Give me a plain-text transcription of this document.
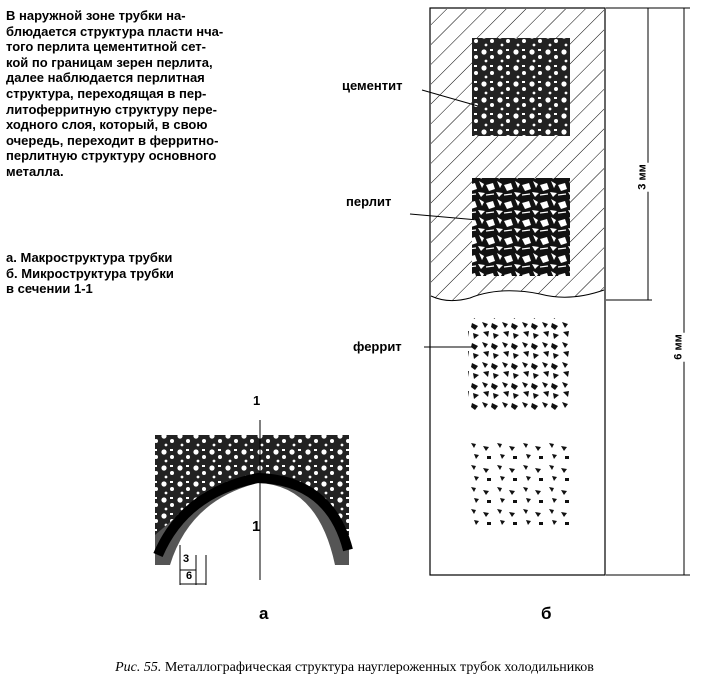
В наружной зоне трубки на-
блюдается структура пласти нча-
того перлита цементитной сет-
кой по границам зерен перлита,
далее наблюдается перлитная
структура, переходящая в пер-
литоферритную структуру пере-
ходного слоя, который, в свою
очередь, переходит в ферритно-
перлитную структуру основного
металла.
а. Макроструктура трубки
б. Микроструктура трубки
в сечении 1-1
1
1
3
6
а
цементит
перлит
феррит
3 мм
6 мм
б
Рис. 55. Металлографическая структура науглероженных трубок холодильников
